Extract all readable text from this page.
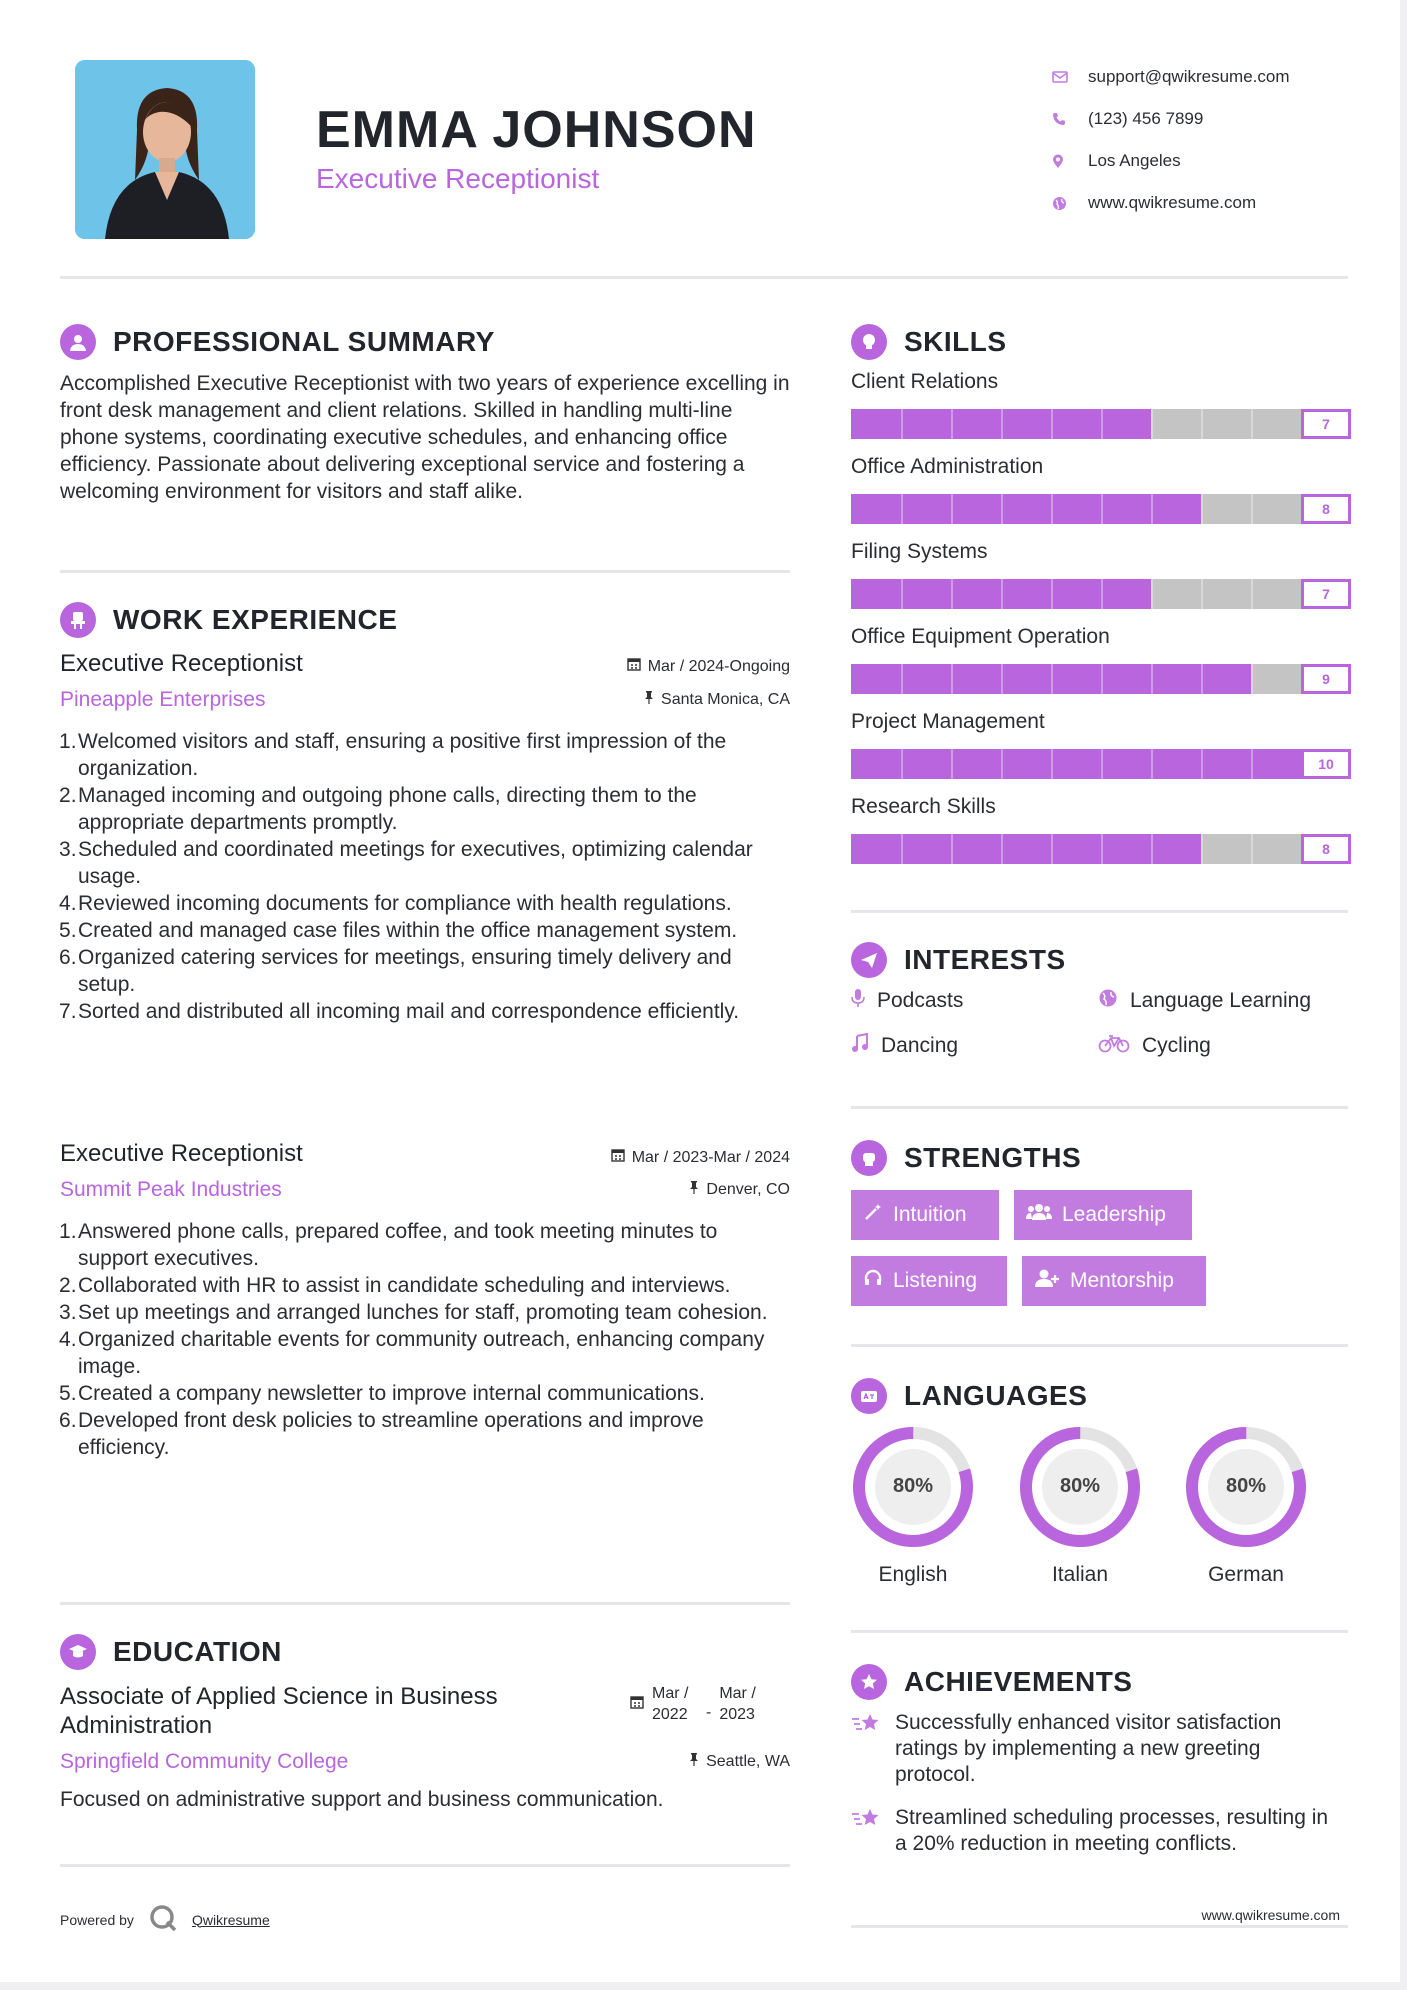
EMMA JOHNSON
Executive Receptionist
support@qwikresume.com
(123) 456 7899
Los Angeles
www.qwikresume.com
PROFESSIONAL SUMMARY
Accomplished Executive Receptionist with two years of experience excelling in front desk management and client relations. Skilled in handling multi-line phone systems, coordinating executive schedules, and enhancing office efficiency. Passionate about delivering exceptional service and fostering a welcoming environment for visitors and staff alike.
WORK EXPERIENCE
Executive Receptionist	Mar / 2024-Ongoing
Pineapple Enterprises	Santa Monica, CA
Welcomed visitors and staff, ensuring a positive first impression of the organization.
Managed incoming and outgoing phone calls, directing them to the appropriate departments promptly.
Scheduled and coordinated meetings for executives, optimizing calendar usage.
Reviewed incoming documents for compliance with health regulations.
Created and managed case files within the office management system.
Organized catering services for meetings, ensuring timely delivery and setup.
Sorted and distributed all incoming mail and correspondence efficiently.
Executive Receptionist	Mar / 2023-Mar / 2024
Summit Peak Industries	Denver, CO
Answered phone calls, prepared coffee, and took meeting minutes to support executives.
Collaborated with HR to assist in candidate scheduling and interviews.
Set up meetings and arranged lunches for staff, promoting team cohesion.
Organized charitable events for community outreach, enhancing company image.
Created a company newsletter to improve internal communications.
Developed front desk policies to streamline operations and improve efficiency.
EDUCATION
Associate of Applied Science in Business Administration
Mar / 2022	-
Mar / 2023
Springfield Community College	Seattle, WA
Focused on administrative support and business communication.
SKILLS
Client Relations
7
Office Administration
8
Filing Systems
7
Office Equipment Operation
9
Project Management
10
Research Skills
8
INTERESTS
Podcasts	Language Learning
Dancing	Cycling
STRENGTHS
Intuition	Leadership
Listening	Mentorship
LANGUAGES
80%
English
80%
Italian
80%
German
ACHIEVEMENTS
Successfully enhanced visitor satisfaction ratings by implementing a new greeting protocol.
Streamlined scheduling processes, resulting in a 20% reduction in meeting conflicts.
Powered by	Qwikresume	www.qwikresume.com
